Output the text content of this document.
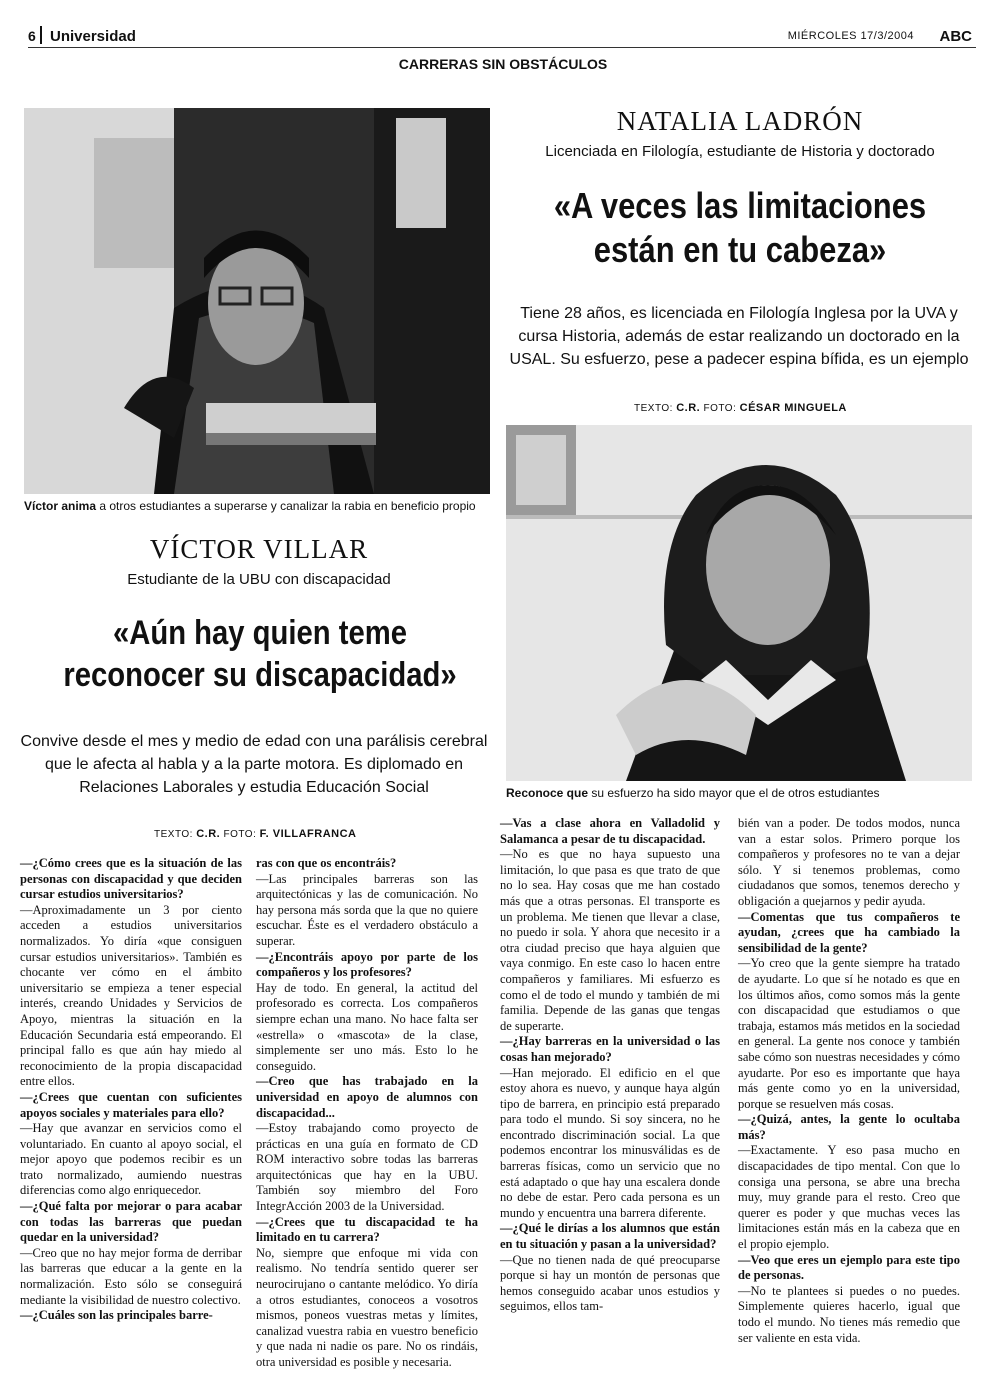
6 Universidad	MIÉRCOLES 17/3/2004 ABC
CARRERAS SIN OBSTÁCULOS
Víctor anima a otros estudiantes a superarse y canalizar la rabia en beneficio propio
VÍCTOR VILLAR
Estudiante de la UBU con discapacidad
«Aún hay quien teme
reconocer su discapacidad»
Convive desde el mes y medio de edad con una parálisis cerebral
que le afecta al habla y a la parte motora. Es diplomado en
Relaciones Laborales y estudia Educación Social
TEXTO: C.R. FOTO: F. VILLAFRANCA
NATALIA LADRÓN
Licenciada en Filología, estudiante de Historia y doctorado
«A veces las limitaciones
están en tu cabeza»
Tiene 28 años, es licenciada en Filología Inglesa por la UVA y
cursa Historia, además de estar realizando un doctorado en la
USAL. Su esfuerzo, pese a padecer espina bífida, es un ejemplo
TEXTO: C.R. FOTO: CÉSAR MINGUELA
Reconoce que su esfuerzo ha sido mayor que el de otros estudiantes

—¿Cómo crees que es la situación de las personas con discapacidad y que deciden cursar estudios universitarios?

—Aproximadamente un 3 por ciento acceden a estudios universitarios normalizados. Yo diría «que consiguen cursar estudios universitarios». También es chocante ver cómo en el ámbito universitario se empieza a tener especial interés, creando Unidades y Servicios de Apoyo, mientras la situación en la Educación Secundaria está empeorando. El principal fallo es que aún hay miedo al reconocimiento de la propia discapacidad entre ellos.

—¿Crees que cuentan con suficientes apoyos sociales y materiales para ello?

—Hay que avanzar en servicios como el voluntariado. En cuanto al apoyo social, el mejor apoyo que podemos recibir es un trato normalizado, aumiendo nuestras diferencias como algo enriquecedor.

—¿Qué falta por mejorar o para acabar con todas las barreras que puedan quedar en la universidad?

—Creo que no hay mejor forma de derribar las barreras que educar a la gente en la normalización. Esto sólo se conseguirá mediante la visibilidad de nuestro colectivo.

—¿Cuáles son las principales barre-

ras con que os encontráis?

—Las principales barreras son las arquitectónicas y las de comunicación. No hay persona más sorda que la que no quiere escuchar. Éste es el verdadero obstáculo a superar.

—¿Encontráis apoyo por parte de los compañeros y los profesores?

Hay de todo. En general, la actitud del profesorado es correcta. Los compañeros siempre echan una mano. No hace falta ser «estrella» o «mascota» de la clase, simplemente ser uno más. Esto lo he conseguido.

—Creo que has trabajado en la universidad en apoyo de alumnos con discapacidad...

—Estoy trabajando como proyecto de prácticas en una guía en formato de CD ROM interactivo sobre todas las barreras arquitectónicas que hay en la UBU. También soy miembro del Foro IntegrAcción 2003 de la Universidad.

—¿Crees que tu discapacidad te ha limitado en tu carrera?

No, siempre que enfoque mi vida con realismo. No tendría sentido querer ser neurocirujano o cantante melódico. Yo diría a otros estudiantes, conoceos a vosotros mismos, poneos vuestras metas y límites, canalizad vuestra rabia en vuestro beneficio y que nada ni nadie os pare. No os rindáis, otra universidad es posible y necesaria.

—Vas a clase ahora en Valladolid y Salamanca a pesar de tu discapacidad.

—No es que no haya supuesto una limitación, lo que pasa es que trato de que no lo sea. Hay cosas que me han costado más que a otras personas. El transporte es un problema. Me tienen que llevar a clase, no puedo ir sola. Y ahora que necesito ir a otra ciudad preciso que haya alguien que vaya conmigo. En este caso lo hacen entre compañeros y familiares. Mi esfuerzo es como el de todo el mundo y también de mi familia. Depende de las ganas que tengas de superarte.

—¿Hay barreras en la universidad o las cosas han mejorado?

—Han mejorado. El edificio en el que estoy ahora es nuevo, y aunque haya algún tipo de barrera, en principio está preparado para todo el mundo. Si soy sincera, no he encontrado discriminación social. La que podemos encontrar los minusválidas es de barreras físicas, como un servicio que no está adaptado o que hay una escalera donde no debe de estar. Pero cada persona es un mundo y encuentra una barrera diferente.

—¿Qué le dirías a los alumnos que están en tu situación y pasan a la universidad?

—Que no tienen nada de qué preocuparse porque si hay un montón de personas que hemos conseguido acabar unos estudios y seguimos, ellos tam-

bién van a poder. De todos modos, nunca van a estar solos. Primero porque los compañeros y profesores no te van a dejar sólo. Y si tenemos problemas, como ciudadanos que somos, tenemos derecho y obligación a quejarnos y pedir ayuda.

—Comentas que tus compañeros te ayudan, ¿crees que ha cambiado la sensibilidad de la gente?

—Yo creo que la gente siempre ha tratado de ayudarte. Lo que sí he notado es que en los últimos años, como somos más la gente con discapacidad que estudiamos o que trabaja, estamos más metidos en la sociedad en general. La gente nos conoce y también sabe cómo son nuestras necesidades y cómo ayudarte. Por eso es importante que haya más gente como yo en la universidad, porque se resuelven más cosas.

—¿Quizá, antes, la gente lo ocultaba más?

—Exactamente. Y eso pasa mucho en discapacidades de tipo mental. Con que lo consiga una persona, se abre una brecha muy, muy grande para el resto. Creo que querer es poder y que muchas veces las limitaciones están más en la cabeza que en el propio ejemplo.

—Veo que eres un ejemplo para este tipo de personas.

—No te plantees si puedes o no puedes. Simplemente quieres hacerlo, igual que todo el mundo. No tienes más remedio que ser valiente en esta vida.
